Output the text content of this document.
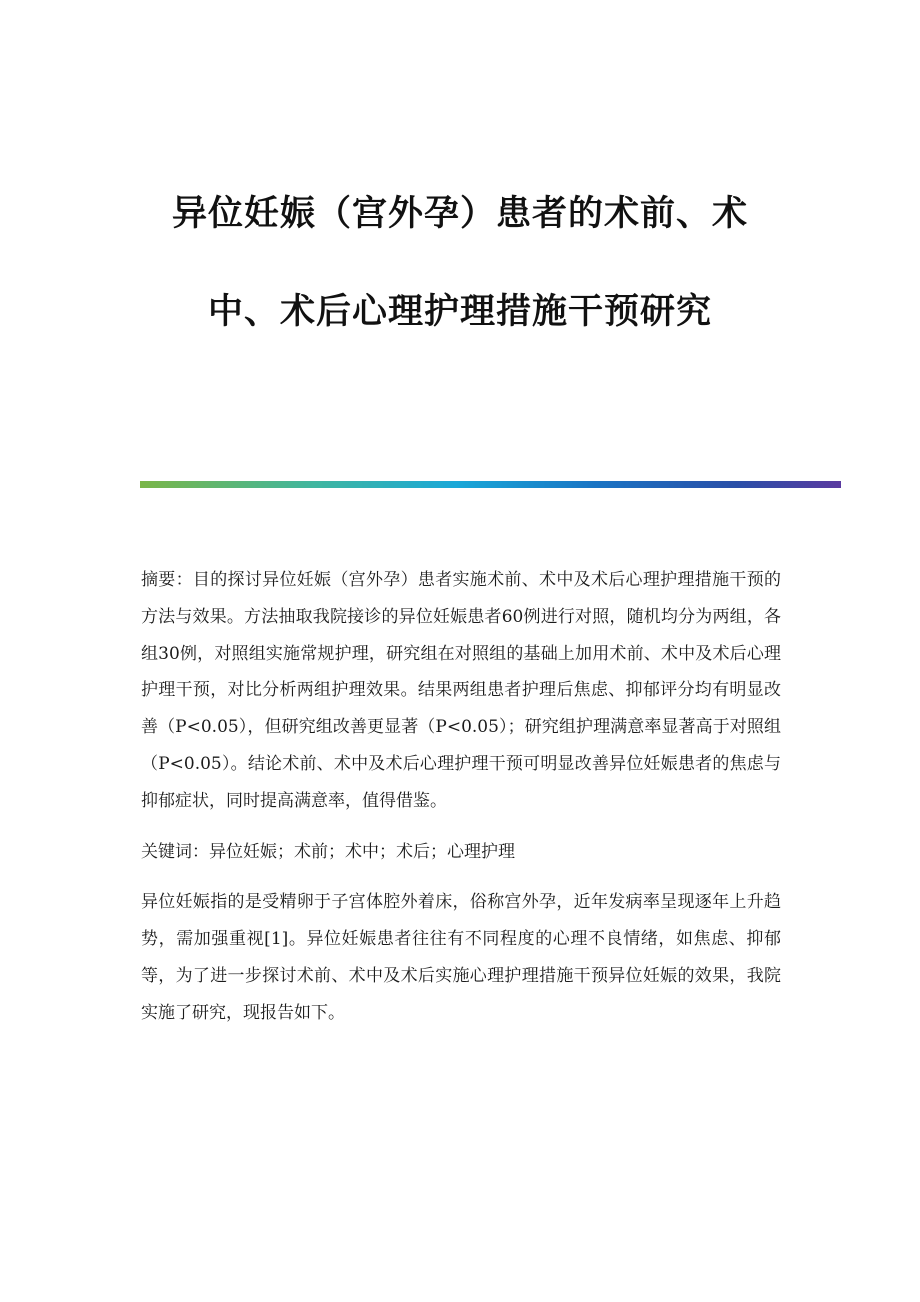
异位妊娠（宫外孕）患者的术前、术

中、术后心理护理措施干预研究

摘要：目的探讨异位妊娠（宫外孕）患者实施术前、术中及术后心理护理措施干预的方法与效果。方法抽取我院接诊的异位妊娠患者60例进行对照，随机均分为两组，各组30例，对照组实施常规护理，研究组在对照组的基础上加用术前、术中及术后心理护理干预，对比分析两组护理效果。结果两组患者护理后焦虑、抑郁评分均有明显改善（P<0.05），但研究组改善更显著（P<0.05）；研究组护理满意率显著高于对照组（P<0.05）。结论术前、术中及术后心理护理干预可明显改善异位妊娠患者的焦虑与抑郁症状，同时提高满意率，值得借鉴。

关键词：异位妊娠；术前；术中；术后；心理护理

异位妊娠指的是受精卵于子宫体腔外着床，俗称宫外孕，近年发病率呈现逐年上升趋势，需加强重视[1]。异位妊娠患者往往有不同程度的心理不良情绪，如焦虑、抑郁等，为了进一步探讨术前、术中及术后实施心理护理措施干预异位妊娠的效果，我院实施了研究，现报告如下。
